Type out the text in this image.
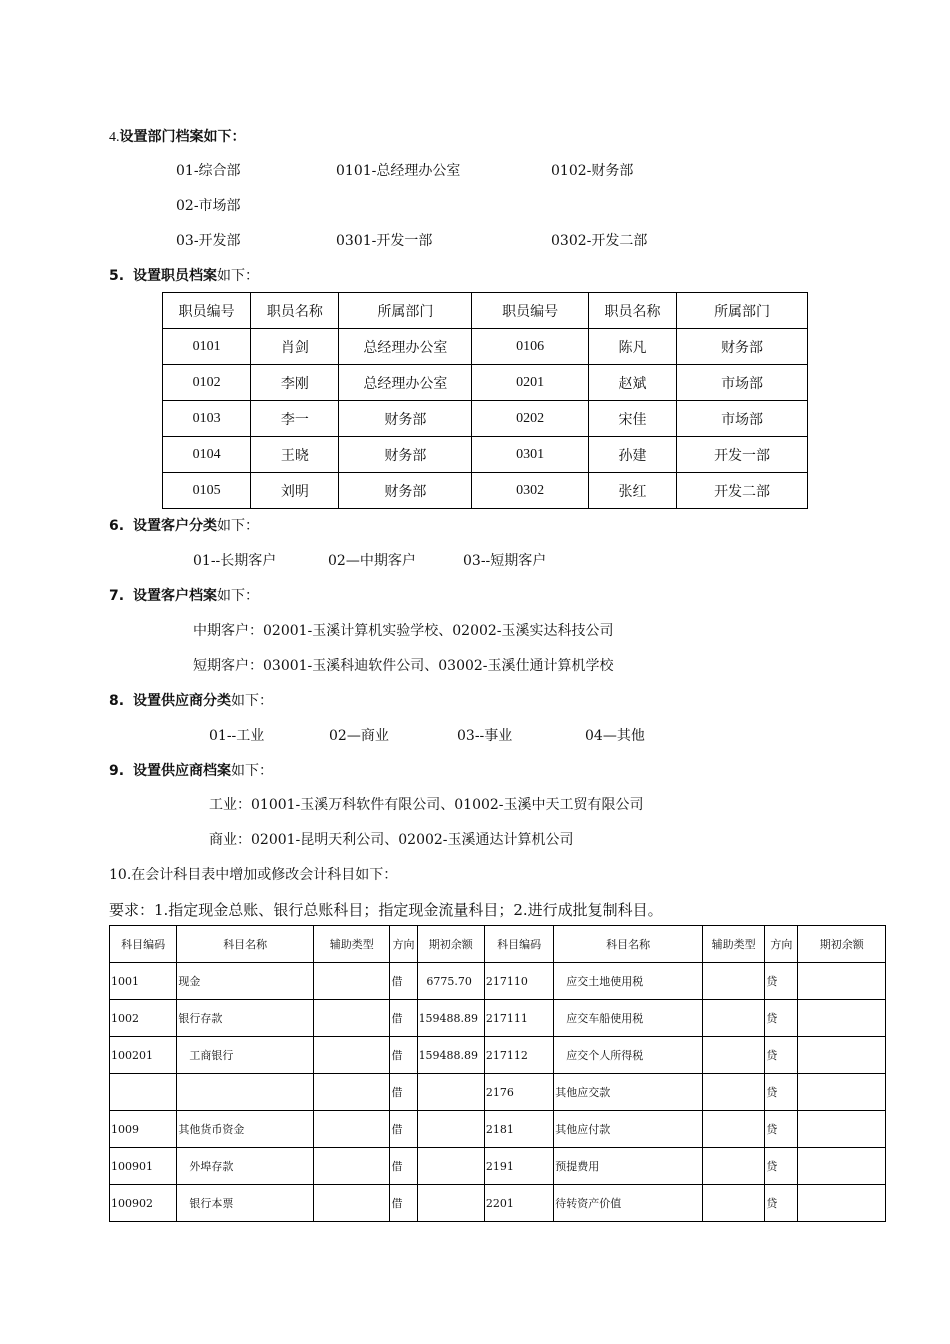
4.设置部门档案如下：
01-综合部	0101-总经理办公室	0102-财务部
02-市场部
03-开发部	0301-开发一部	0302-开发二部
5. 设置职员档案如下：
职员编号	职员名称	所属部门	职员编号	职员名称	所属部门
0101	肖剑	总经理办公室	0106	陈凡	财务部
0102	李刚	总经理办公室	0201	赵斌	市场部
0103	李一	财务部	0202	宋佳	市场部
0104	王晓	财务部	0301	孙建	开发一部
0105	刘明	财务部	0302	张红	开发二部
6. 设置客户分类如下：
01--长期客户	02—中期客户	03--短期客户
7. 设置客户档案如下：
中期客户：02001-玉溪计算机实验学校、02002-玉溪实达科技公司
短期客户：03001-玉溪科迪软件公司、03002-玉溪仕通计算机学校
8. 设置供应商分类如下：
01--工业	02—商业	03--事业	04—其他
9. 设置供应商档案如下：
工业：01001-玉溪万科软件有限公司、01002-玉溪中天工贸有限公司
商业：02001-昆明天利公司、02002-玉溪通达计算机公司
10.在会计科目表中增加或修改会计科目如下：
要求：1.指定现金总账、银行总账科目；指定现金流量科目；2.进行成批复制科目。
科目编码	科目名称	辅助类型	方向	期初余额	科目编码	科目名称	辅助类型	方向	期初余额
1001	现金		借	6775.70	217110	应交土地使用税		贷	
1002	银行存款		借	159488.89	217111	应交车船使用税		贷	
100201	工商银行		借	159488.89	217112	应交个人所得税		贷	
			借		2176	其他应交款		贷	
1009	其他货币资金		借		2181	其他应付款		贷	
100901	外埠存款		借		2191	预提费用		贷	
100902	银行本票		借		2201	待转资产价值		贷	
